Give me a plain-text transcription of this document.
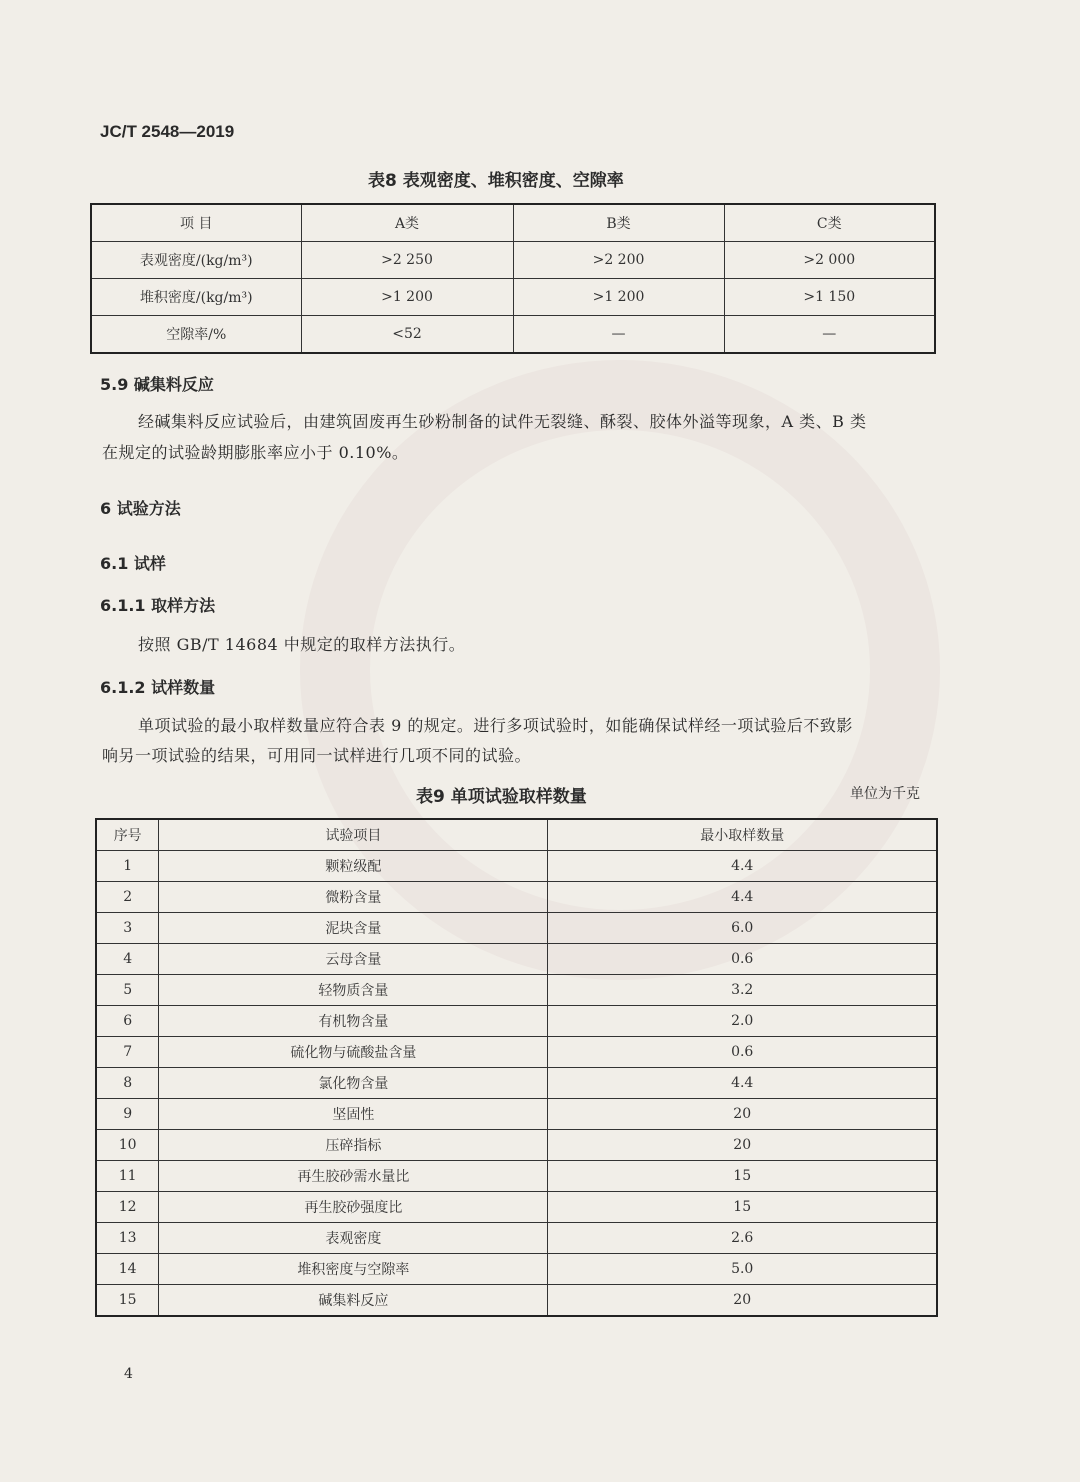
JC/T 2548—2019
表8 表观密度、堆积密度、空隙率
项 目	A类	B类	C类
表观密度/(kg/m³)	>2 250	>2 200	>2 000
堆积密度/(kg/m³)	>1 200	>1 200	>1 150
空隙率/%	<52	—	—
5.9 碱集料反应
经碱集料反应试验后，由建筑固废再生砂粉制备的试件无裂缝、酥裂、胶体外溢等现象，A 类、B 类
在规定的试验龄期膨胀率应小于 0.10%。
6 试验方法
6.1 试样
6.1.1 取样方法
按照 GB/T 14684 中规定的取样方法执行。
6.1.2 试样数量
单项试验的最小取样数量应符合表 9 的规定。进行多项试验时，如能确保试样经一项试验后不致影
响另一项试验的结果，可用同一试样进行几项不同的试验。
表9 单项试验取样数量	单位为千克
序号	试验项目	最小取样数量
1	颗粒级配	4.4
2	微粉含量	4.4
3	泥块含量	6.0
4	云母含量	0.6
5	轻物质含量	3.2
6	有机物含量	2.0
7	硫化物与硫酸盐含量	0.6
8	氯化物含量	4.4
9	坚固性	20
10	压碎指标	20
11	再生胶砂需水量比	15
12	再生胶砂强度比	15
13	表观密度	2.6
14	堆积密度与空隙率	5.0
15	碱集料反应	20
4
